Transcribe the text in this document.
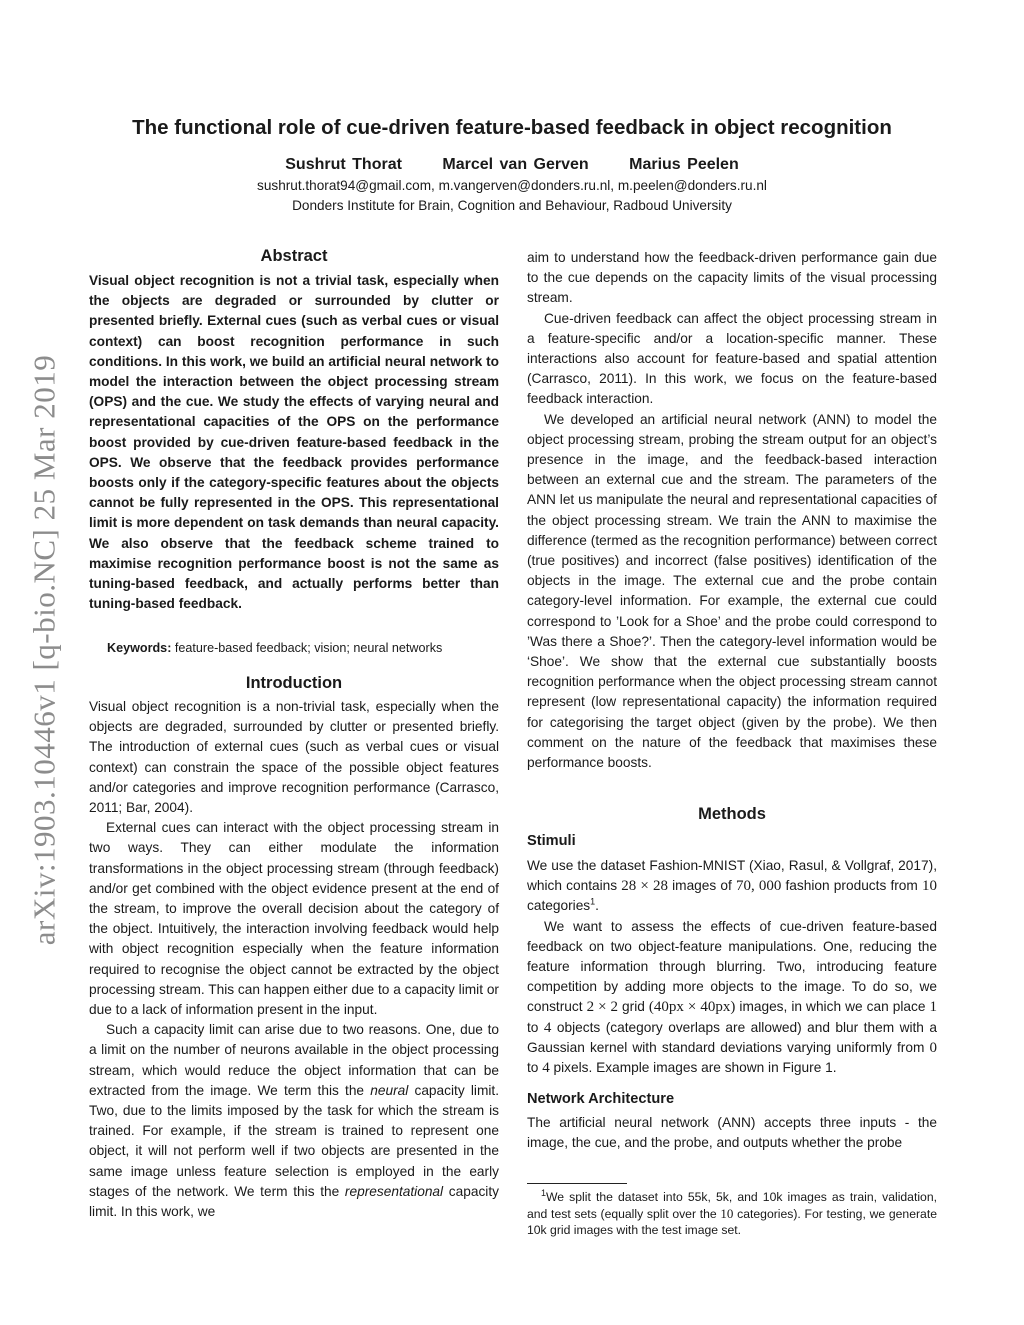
arXiv:1903.10446v1 [q-bio.NC] 25 Mar 2019
The functional role of cue-driven feature-based feedback in object recognition
Sushrut Thorat	Marcel van Gerven	Marius Peelen
sushrut.thorat94@gmail.com, m.vangerven@donders.ru.nl, m.peelen@donders.ru.nl
Donders Institute for Brain, Cognition and Behaviour, Radboud University

Abstract

Visual object recognition is not a trivial task, especially when the objects are degraded or surrounded by clutter or presented briefly. External cues (such as verbal cues or visual context) can boost recognition performance in such conditions. In this work, we build an artificial neural network to model the interaction between the object processing stream (OPS) and the cue. We study the effects of varying neural and representational capacities of the OPS on the performance boost provided by cue-driven feature-based feedback in the OPS. We observe that the feedback provides performance boosts only if the category-specific features about the objects cannot be fully represented in the OPS. This representational limit is more dependent on task demands than neural capacity. We also observe that the feedback scheme trained to maximise recognition performance boost is not the same as tuning-based feedback, and actually performs better than tuning-based feedback.

Keywords: feature-based feedback; vision; neural networks

Introduction

Visual object recognition is a non-trivial task, especially when the objects are degraded, surrounded by clutter or presented briefly. The introduction of external cues (such as verbal cues or visual context) can constrain the space of the possible object features and/or categories and improve recognition performance (Carrasco, 2011; Bar, 2004).

External cues can interact with the object processing stream in two ways. They can either modulate the information transformations in the object processing stream (through feedback) and/or get combined with the object evidence present at the end of the stream, to improve the overall decision about the category of the object. Intuitively, the interaction involving feedback would help with object recognition especially when the feature information required to recognise the object cannot be extracted by the object processing stream. This can happen either due to a capacity limit or due to a lack of information present in the input.

Such a capacity limit can arise due to two reasons. One, due to a limit on the number of neurons available in the object processing stream, which would reduce the object information that can be extracted from the image. We term this the neural capacity limit. Two, due to the limits imposed by the task for which the stream is trained. For example, if the stream is trained to represent one object, it will not perform well if two objects are presented in the same image unless feature selection is employed in the early stages of the network. We term this the representational capacity limit. In this work, we

aim to understand how the feedback-driven performance gain due to the cue depends on the capacity limits of the visual processing stream.

Cue-driven feedback can affect the object processing stream in a feature-specific and/or a location-specific manner. These interactions also account for feature-based and spatial attention (Carrasco, 2011). In this work, we focus on the feature-based feedback interaction.

We developed an artificial neural network (ANN) to model the object processing stream, probing the stream output for an object’s presence in the image, and the feedback-based interaction between an external cue and the stream. The parameters of the ANN let us manipulate the neural and representational capacities of the object processing stream. We train the ANN to maximise the difference (termed as the recognition performance) between correct (true positives) and incorrect (false positives) identification of the objects in the image. The external cue and the probe contain category-level information. For example, the external cue could correspond to ’Look for a Shoe’ and the probe could correspond to ’Was there a Shoe?’. Then the category-level information would be ‘Shoe’. We show that the external cue substantially boosts recognition performance when the object processing stream cannot represent (low representational capacity) the information required for categorising the target object (given by the probe). We then comment on the nature of the feedback that maximises these performance boosts.

Methods

Stimuli

We use the dataset Fashion-MNIST (Xiao, Rasul, & Vollgraf, 2017), which contains 28 × 28 images of 70, 000 fashion products from 10 categories$^1$.

We want to assess the effects of cue-driven feature-based feedback on two object-feature manipulations. One, reducing the feature information through blurring. Two, introducing feature competition by adding more objects to the image. To do so, we construct 2 × 2 grid (40px × 40px) images, in which we can place 1 to 4 objects (category overlaps are allowed) and blur them with a Gaussian kernel with standard deviations varying uniformly from 0 to 4 pixels. Example images are shown in Figure 1.

Network Architecture

The artificial neural network (ANN) accepts three inputs - the image, the cue, and the probe, and outputs whether the probe

$^1$We split the dataset into 55k, 5k, and 10k images as train, validation, and test sets (equally split over the 10 categories). For testing, we generate 10k grid images with the test image set.
